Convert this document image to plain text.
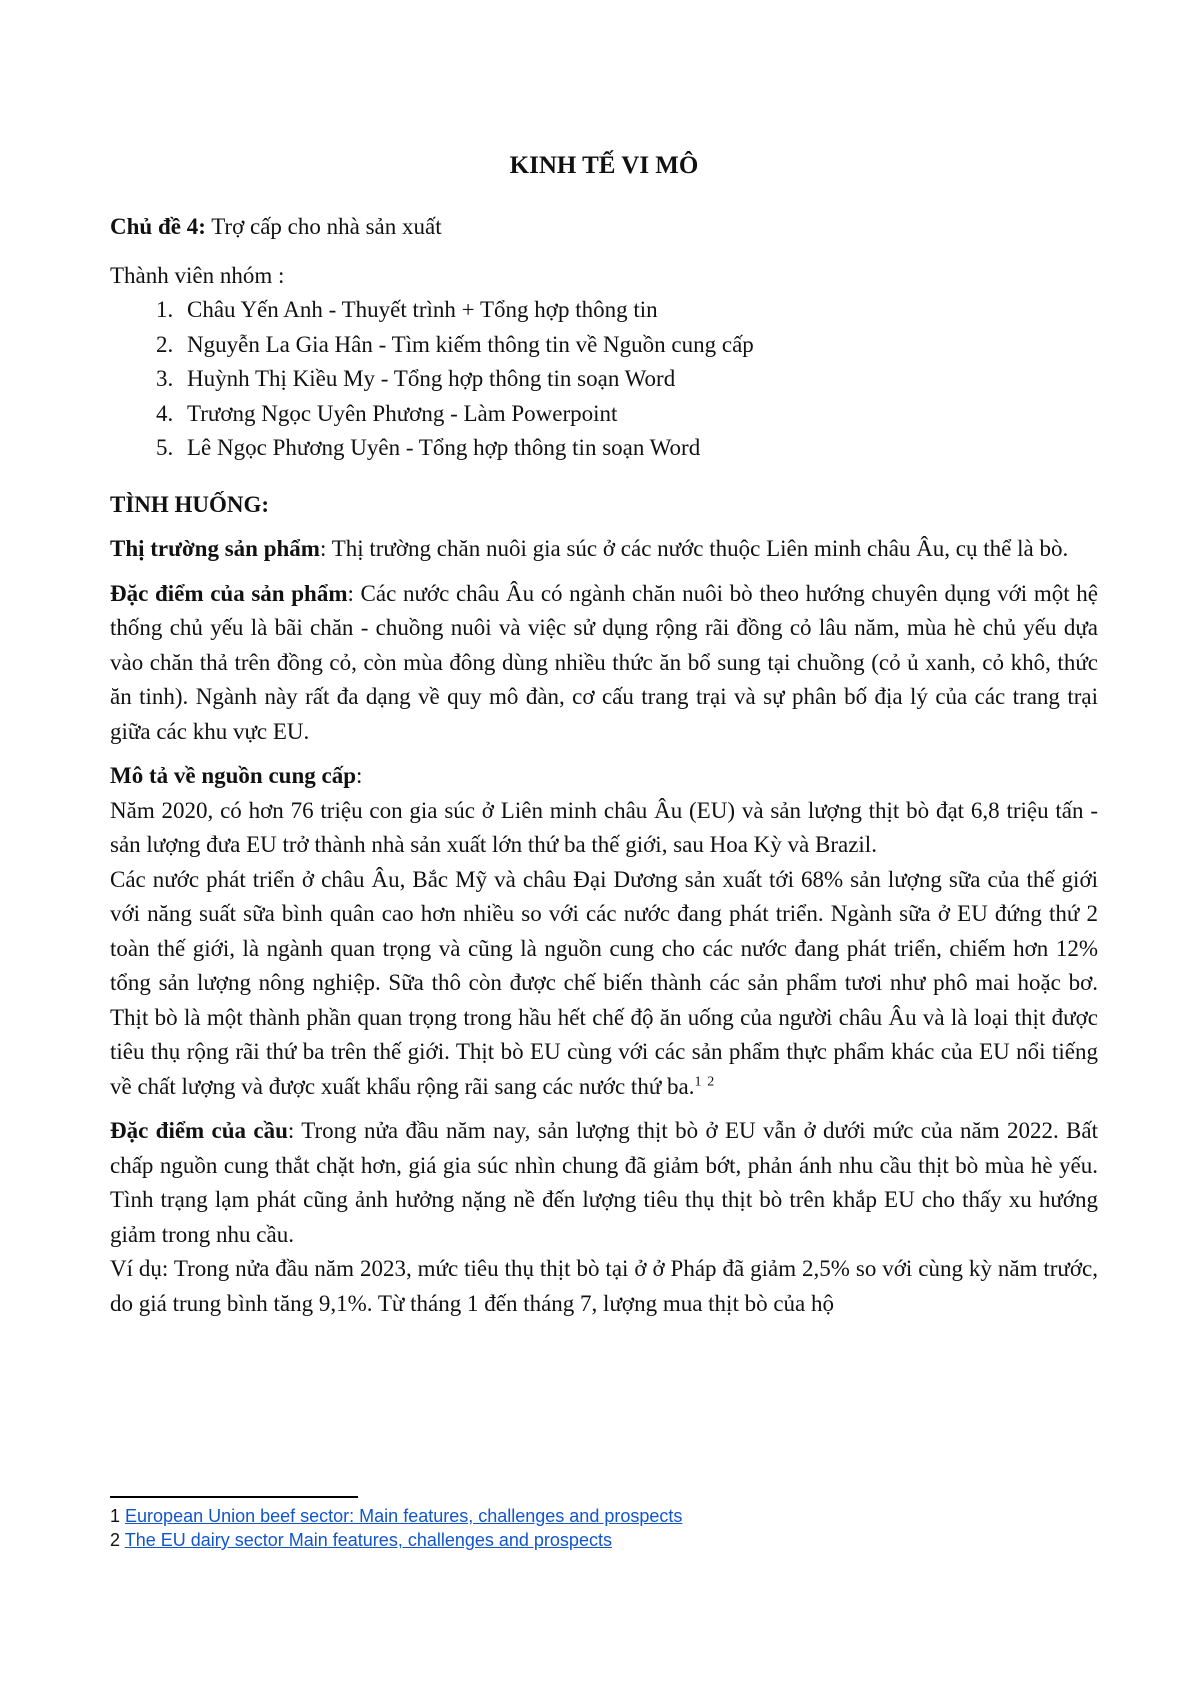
KINH TẾ VI MÔ
Chủ đề 4: Trợ cấp cho nhà sản xuất
Thành viên nhóm :
1. Châu Yến Anh - Thuyết trình + Tổng hợp thông tin
2. Nguyễn La Gia Hân - Tìm kiếm thông tin về Nguồn cung cấp
3. Huỳnh Thị Kiều My - Tổng hợp thông tin soạn Word
4. Trương Ngọc Uyên Phương - Làm Powerpoint
5. Lê Ngọc Phương Uyên - Tổng hợp thông tin soạn Word
TÌNH HUỐNG:

Thị trường sản phẩm: Thị trường chăn nuôi gia súc ở các nước thuộc Liên minh châu Âu, cụ thể là bò.

Đặc điểm của sản phẩm: Các nước châu Âu có ngành chăn nuôi bò theo hướng chuyên dụng với một hệ thống chủ yếu là bãi chăn - chuồng nuôi và việc sử dụng rộng rãi đồng cỏ lâu năm, mùa hè chủ yếu dựa vào chăn thả trên đồng cỏ, còn mùa đông dùng nhiều thức ăn bổ sung tại chuồng (cỏ ủ xanh, cỏ khô, thức ăn tinh). Ngành này rất đa dạng về quy mô đàn, cơ cấu trang trại và sự phân bố địa lý của các trang trại giữa các khu vực EU.

Mô tả về nguồn cung cấp:

Năm 2020, có hơn 76 triệu con gia súc ở Liên minh châu Âu (EU) và sản lượng thịt bò đạt 6,8 triệu tấn - sản lượng đưa EU trở thành nhà sản xuất lớn thứ ba thế giới, sau Hoa Kỳ và Brazil.

Các nước phát triển ở châu Âu, Bắc Mỹ và châu Đại Dương sản xuất tới 68% sản lượng sữa của thế giới với năng suất sữa bình quân cao hơn nhiều so với các nước đang phát triển. Ngành sữa ở EU đứng thứ 2 toàn thế giới, là ngành quan trọng và cũng là nguồn cung cho các nước đang phát triển, chiếm hơn 12% tổng sản lượng nông nghiệp. Sữa thô còn được chế biến thành các sản phẩm tươi như phô mai hoặc bơ. Thịt bò là một thành phần quan trọng trong hầu hết chế độ ăn uống của người châu Âu và là loại thịt được tiêu thụ rộng rãi thứ ba trên thế giới. Thịt bò EU cùng với các sản phẩm thực phẩm khác của EU nổi tiếng về chất lượng và được xuất khẩu rộng rãi sang các nước thứ ba.$^1$ $^2$

Đặc điểm của cầu: Trong nửa đầu năm nay, sản lượng thịt bò ở EU vẫn ở dưới mức của năm 2022. Bất chấp nguồn cung thắt chặt hơn, giá gia súc nhìn chung đã giảm bớt, phản ánh nhu cầu thịt bò mùa hè yếu. Tình trạng lạm phát cũng ảnh hưởng nặng nề đến lượng tiêu thụ thịt bò trên khắp EU cho thấy xu hướng giảm trong nhu cầu.

Ví dụ: Trong nửa đầu năm 2023, mức tiêu thụ thịt bò tại ở ở Pháp đã giảm 2,5% so với cùng kỳ năm trước, do giá trung bình tăng 9,1%. Từ tháng 1 đến tháng 7, lượng mua thịt bò của hộ

1 European Union beef sector: Main features, challenges and prospects
2 The EU dairy sector Main features, challenges and prospects
